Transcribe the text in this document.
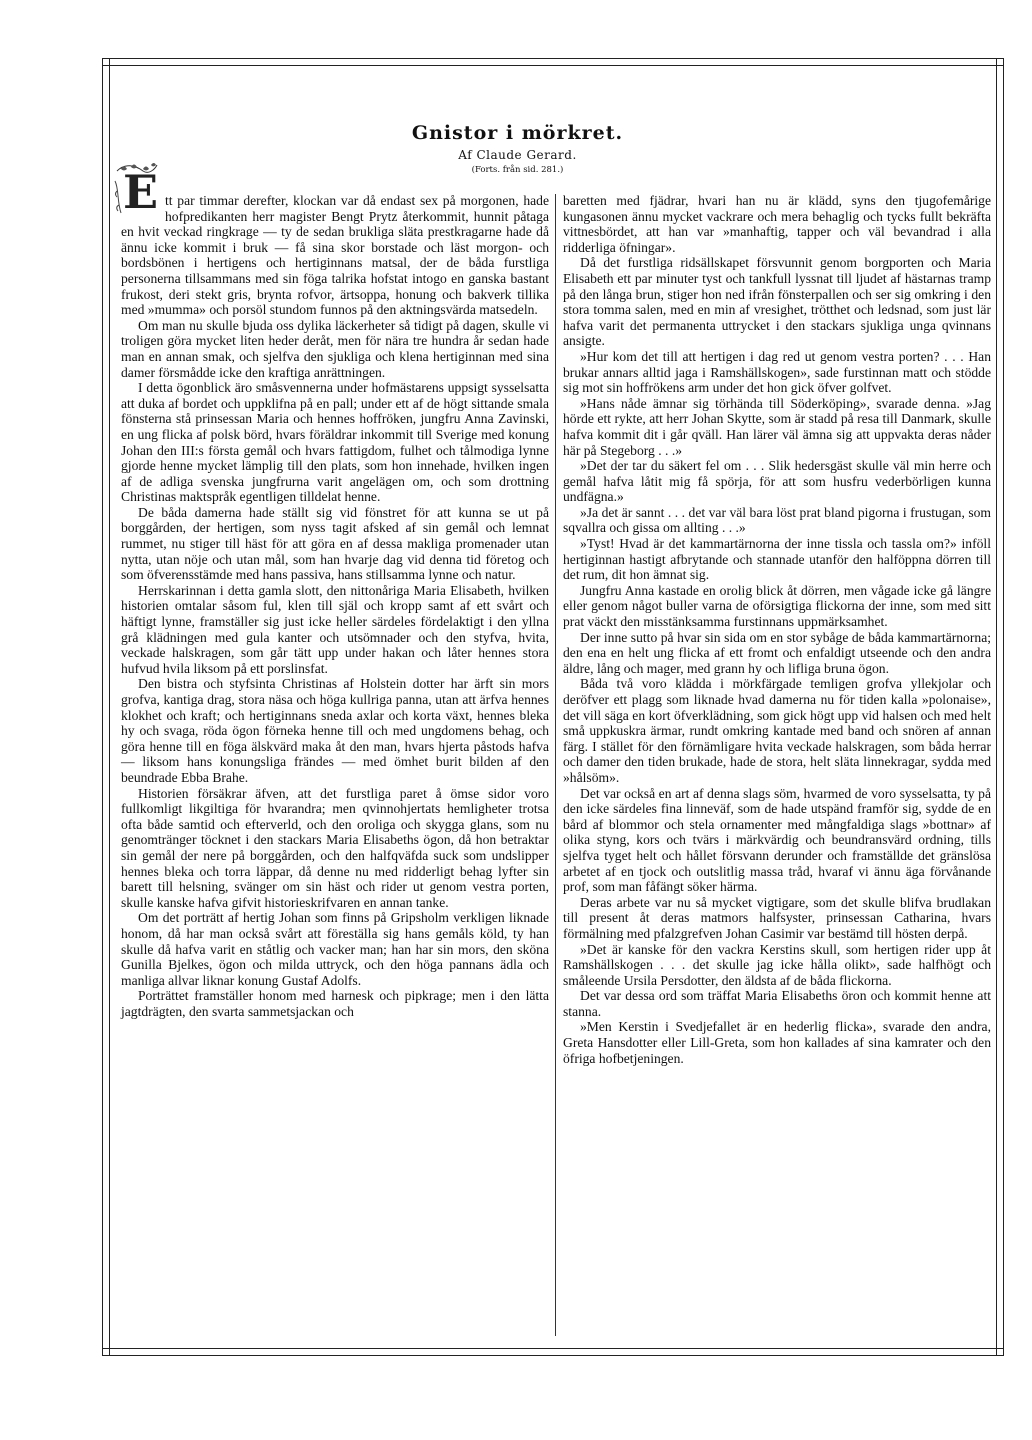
Gnistor i mörkret.

Af Claude Gerard.

(Forts. från sid. 281.)

E tt par timmar derefter, klockan var då endast sex på morgonen, hade hofpredikanten herr magister Bengt Prytz återkommit, hunnit påtaga en hvit veckad ringkrage — ty de sedan brukliga släta prestkragarne hade då ännu icke kommit i bruk — få sina skor borstade och läst morgon- och bordsbönen i hertigens och hertiginnans matsal, der de båda furstliga personerna tillsammans med sin föga talrika hofstat intogo en ganska bastant frukost, deri stekt gris, brynta rofvor, ärtsoppa, honung och bakverk tillika med »mumma» och porsöl stundom funnos på den aktningsvärda matsedeln.

Om man nu skulle bjuda oss dylika läckerheter så tidigt på dagen, skulle vi troligen göra mycket liten heder deråt, men för nära tre hundra år sedan hade man en annan smak, och sjelfva den sjukliga och klena hertiginnan med sina damer försmådde icke den kraftiga anrättningen.

I detta ögonblick äro småsvennerna under hofmästarens uppsigt sysselsatta att duka af bordet och uppklifna på en pall; under ett af de högt sittande smala fönsterna stå prinsessan Maria och hennes hoffröken, jungfru Anna Zavinski, en ung flicka af polsk börd, hvars föräldrar inkommit till Sverige med konung Johan den III:s första gemål och hvars fattigdom, fulhet och tålmodiga lynne gjorde henne mycket lämplig till den plats, som hon innehade, hvilken ingen af de adliga svenska jungfrurna varit angelägen om, och som drottning Christinas maktspråk egentligen tilldelat henne.

De båda damerna hade ställt sig vid fönstret för att kunna se ut på borggården, der hertigen, som nyss tagit afsked af sin gemål och lemnat rummet, nu stiger till häst för att göra en af dessa makliga promenader utan nytta, utan nöje och utan mål, som han hvarje dag vid denna tid företog och som öfverensstämde med hans passiva, hans stillsamma lynne och natur.

Herrskarinnan i detta gamla slott, den nittonåriga Maria Elisabeth, hvilken historien omtalar såsom ful, klen till själ och kropp samt af ett svårt och häftigt lynne, framställer sig just icke heller särdeles fördelaktigt i den yllna grå klädningen med gula kanter och utsömnader och den styfva, hvita, veckade halskragen, som går tätt upp under hakan och låter hennes stora hufvud hvila liksom på ett porslinsfat.

Den bistra och styfsinta Christinas af Holstein dotter har ärft sin mors grofva, kantiga drag, stora näsa och höga kullriga panna, utan att ärfva hennes klokhet och kraft; och hertiginnans sneda axlar och korta växt, hennes bleka hy och svaga, röda ögon förneka henne till och med ungdomens behag, och göra henne till en föga älskvärd maka åt den man, hvars hjerta påstods hafva — liksom hans konungsliga frändes — med ömhet burit bilden af den beundrade Ebba Brahe.

Historien försäkrar äfven, att det furstliga paret å ömse sidor voro fullkomligt likgiltiga för hvarandra; men qvinnohjertats hemligheter trotsa ofta både samtid och efterverld, och den oroliga och skygga glans, som nu genomtränger töcknet i den stackars Maria Elisabeths ögon, då hon betraktar sin gemål der nere på borggården, och den halfqväfda suck som undslipper hennes bleka och torra läppar, då denne nu med ridderligt behag lyfter sin barett till helsning, svänger om sin häst och rider ut genom vestra porten, skulle kanske hafva gifvit historieskrifvaren en annan tanke.

Om det porträtt af hertig Johan som finns på Gripsholm verkligen liknade honom, då har man också svårt att föreställa sig hans gemåls köld, ty han skulle då hafva varit en ståtlig och vacker man; han har sin mors, den sköna Gunilla Bjelkes, ögon och milda uttryck, och den höga pannans ädla och manliga allvar liknar konung Gustaf Adolfs.

Porträttet framställer honom med harnesk och pipkrage; men i den lätta jagtdrägten, den svarta sammetsjackan och

baretten med fjädrar, hvari han nu är klädd, syns den tjugofemårige kungasonen ännu mycket vackrare och mera behaglig och tycks fullt bekräfta vittnesbördet, att han var »manhaftig, tapper och väl bevandrad i alla ridderliga öfningar».

Då det furstliga ridsällskapet försvunnit genom borgporten och Maria Elisabeth ett par minuter tyst och tankfull lyssnat till ljudet af hästarnas tramp på den långa brun, stiger hon ned ifrån fönsterpallen och ser sig omkring i den stora tomma salen, med en min af vresighet, trötthet och ledsnad, som just lär hafva varit det permanenta uttrycket i den stackars sjukliga unga qvinnans ansigte.

»Hur kom det till att hertigen i dag red ut genom vestra porten? . . . Han brukar annars alltid jaga i Ramshällskogen», sade furstinnan matt och stödde sig mot sin hoffrökens arm under det hon gick öfver golfvet.

»Hans nåde ämnar sig törhända till Söderköping», svarade denna. »Jag hörde ett rykte, att herr Johan Skytte, som är stadd på resa till Danmark, skulle hafva kommit dit i går qväll. Han lärer väl ämna sig att uppvakta deras nåder här på Stegeborg . . .»

»Det der tar du säkert fel om . . . Slik hedersgäst skulle väl min herre och gemål hafva låtit mig få spörja, för att som husfru vederbörligen kunna undfägna.»

»Ja det är sannt . . . det var väl bara löst prat bland pigorna i frustugan, som sqvallra och gissa om allting . . .»

»Tyst! Hvad är det kammartärnorna der inne tissla och tassla om?» inföll hertiginnan hastigt afbrytande och stannade utanför den halföppna dörren till det rum, dit hon ämnat sig.

Jungfru Anna kastade en orolig blick åt dörren, men vågade icke gå längre eller genom något buller varna de oförsigtiga flickorna der inne, som med sitt prat väckt den misstänksamma furstinnans uppmärksamhet.

Der inne sutto på hvar sin sida om en stor sybåge de båda kammartärnorna; den ena en helt ung flicka af ett fromt och enfaldigt utseende och den andra äldre, lång och mager, med grann hy och lifliga bruna ögon.

Båda två voro klädda i mörkfärgade temligen grofva yllekjolar och deröfver ett plagg som liknade hvad damerna nu för tiden kalla »polonaise», det vill säga en kort öfverklädning, som gick högt upp vid halsen och med helt små uppkuskra ärmar, rundt omkring kantade med band och snören af annan färg. I stället för den förnämligare hvita veckade halskragen, som båda herrar och damer den tiden brukade, hade de stora, helt släta linnekragar, sydda med »hålsöm».

Det var också en art af denna slags söm, hvarmed de voro sysselsatta, ty på den icke särdeles fina linneväf, som de hade utspänd framför sig, sydde de en bård af blommor och stela ornamenter med mångfaldiga slags »bottnar» af olika styng, kors och tvärs i märkvärdig och beundransvärd ordning, tills sjelfva tyget helt och hållet försvann derunder och framställde det gränslösa arbetet af en tjock och outslitlig massa tråd, hvaraf vi ännu äga förvånande prof, som man fåfängt söker härma.

Deras arbete var nu så mycket vigtigare, som det skulle blifva brudlakan till present åt deras matmors halfsyster, prinsessan Catharina, hvars förmälning med pfalzgrefven Johan Casimir var bestämd till hösten derpå.

»Det är kanske för den vackra Kerstins skull, som hertigen rider upp åt Ramshällskogen . . . det skulle jag icke hålla olikt», sade halfhögt och småleende Ursila Persdotter, den äldsta af de båda flickorna.

Det var dessa ord som träffat Maria Elisabeths öron och kommit henne att stanna.

»Men Kerstin i Svedjefallet är en hederlig flicka», svarade den andra, Greta Hansdotter eller Lill-Greta, som hon kallades af sina kamrater och den öfriga hofbetjeningen.
